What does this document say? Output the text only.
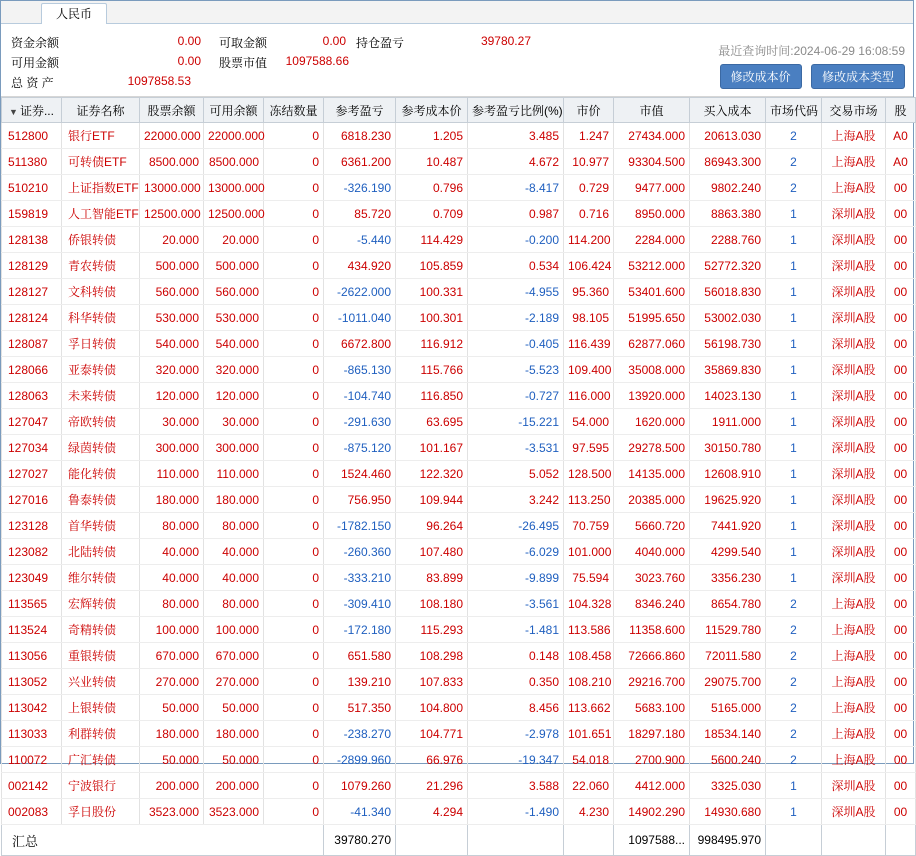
人民币
资金余额	0.00 可取金额	0.00 持仓盈亏	39780.27
可用金额	0.00 股票市值	1097588.66
总 资 产	1097858.53
最近查询时间:2024-06-29 16:08:59
修改成本价	修改成本类型
▼ 证券...	证券名称	股票余额	可用余额	冻结数量	参考盈亏	参考成本价	参考盈亏比例(%)	市价	市值	买入成本	市场代码	交易市场	股
512800	银行ETF	22000.000	22000.000	0	6818.230	1.205	3.485	1.247	27434.000	20613.030	2	上海A股	A0
511380	可转债ETF	8500.000	8500.000	0	6361.200	10.487	4.672	10.977	93304.500	86943.300	2	上海A股	A0
510210	上证指数ETF	13000.000	13000.000	0	-326.190	0.796	-8.417	0.729	9477.000	9802.240	2	上海A股	00
159819	人工智能ETF	12500.000	12500.000	0	85.720	0.709	0.987	0.716	8950.000	8863.380	1	深圳A股	00
128138	侨银转债	20.000	20.000	0	-5.440	114.429	-0.200	114.200	2284.000	2288.760	1	深圳A股	00
128129	青农转债	500.000	500.000	0	434.920	105.859	0.534	106.424	53212.000	52772.320	1	深圳A股	00
128127	文科转债	560.000	560.000	0	-2622.000	100.331	-4.955	95.360	53401.600	56018.830	1	深圳A股	00
128124	科华转债	530.000	530.000	0	-1011.040	100.301	-2.189	98.105	51995.650	53002.030	1	深圳A股	00
128087	孚日转债	540.000	540.000	0	6672.800	116.912	-0.405	116.439	62877.060	56198.730	1	深圳A股	00
128066	亚泰转债	320.000	320.000	0	-865.130	115.766	-5.523	109.400	35008.000	35869.830	1	深圳A股	00
128063	未来转债	120.000	120.000	0	-104.740	116.850	-0.727	116.000	13920.000	14023.130	1	深圳A股	00
127047	帝欧转债	30.000	30.000	0	-291.630	63.695	-15.221	54.000	1620.000	1911.000	1	深圳A股	00
127034	绿茵转债	300.000	300.000	0	-875.120	101.167	-3.531	97.595	29278.500	30150.780	1	深圳A股	00
127027	能化转债	110.000	110.000	0	1524.460	122.320	5.052	128.500	14135.000	12608.910	1	深圳A股	00
127016	鲁泰转债	180.000	180.000	0	756.950	109.944	3.242	113.250	20385.000	19625.920	1	深圳A股	00
123128	首华转债	80.000	80.000	0	-1782.150	96.264	-26.495	70.759	5660.720	7441.920	1	深圳A股	00
123082	北陆转债	40.000	40.000	0	-260.360	107.480	-6.029	101.000	4040.000	4299.540	1	深圳A股	00
123049	维尔转债	40.000	40.000	0	-333.210	83.899	-9.899	75.594	3023.760	3356.230	1	深圳A股	00
113565	宏辉转债	80.000	80.000	0	-309.410	108.180	-3.561	104.328	8346.240	8654.780	2	上海A股	00
113524	奇精转债	100.000	100.000	0	-172.180	115.293	-1.481	113.586	11358.600	11529.780	2	上海A股	00
113056	重银转债	670.000	670.000	0	651.580	108.298	0.148	108.458	72666.860	72011.580	2	上海A股	00
113052	兴业转债	270.000	270.000	0	139.210	107.833	0.350	108.210	29216.700	29075.700	2	上海A股	00
113042	上银转债	50.000	50.000	0	517.350	104.800	8.456	113.662	5683.100	5165.000	2	上海A股	00
113033	利群转债	180.000	180.000	0	-238.270	104.771	-2.978	101.651	18297.180	18534.140	2	上海A股	00
110072	广汇转债	50.000	50.000	0	-2899.960	66.976	-19.347	54.018	2700.900	5600.240	2	上海A股	00
002142	宁波银行	200.000	200.000	0	1079.260	21.296	3.588	22.060	4412.000	3325.030	1	深圳A股	00
002083	孚日股份	3523.000	3523.000	0	-41.340	4.294	-1.490	4.230	14902.290	14930.680	1	深圳A股	00
汇总					39780.270				1097588...	998495.970			
